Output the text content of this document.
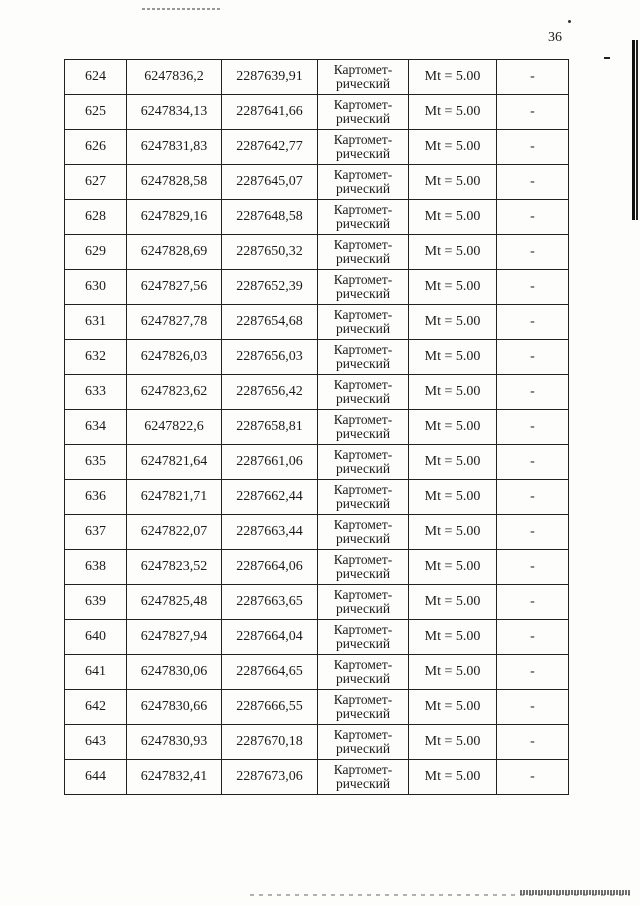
36
624	6247836,2	2287639,91	Картомет-
рический	Mt = 5.00	-
625	6247834,13	2287641,66	Картомет-
рический	Mt = 5.00	-
626	6247831,83	2287642,77	Картомет-
рический	Mt = 5.00	-
627	6247828,58	2287645,07	Картомет-
рический	Mt = 5.00	-
628	6247829,16	2287648,58	Картомет-
рический	Mt = 5.00	-
629	6247828,69	2287650,32	Картомет-
рический	Mt = 5.00	-
630	6247827,56	2287652,39	Картомет-
рический	Mt = 5.00	-
631	6247827,78	2287654,68	Картомет-
рический	Mt = 5.00	-
632	6247826,03	2287656,03	Картомет-
рический	Mt = 5.00	-
633	6247823,62	2287656,42	Картомет-
рический	Mt = 5.00	-
634	6247822,6	2287658,81	Картомет-
рический	Mt = 5.00	-
635	6247821,64	2287661,06	Картомет-
рический	Mt = 5.00	-
636	6247821,71	2287662,44	Картомет-
рический	Mt = 5.00	-
637	6247822,07	2287663,44	Картомет-
рический	Mt = 5.00	-
638	6247823,52	2287664,06	Картомет-
рический	Mt = 5.00	-
639	6247825,48	2287663,65	Картомет-
рический	Mt = 5.00	-
640	6247827,94	2287664,04	Картомет-
рический	Mt = 5.00	-
641	6247830,06	2287664,65	Картомет-
рический	Mt = 5.00	-
642	6247830,66	2287666,55	Картомет-
рический	Mt = 5.00	-
643	6247830,93	2287670,18	Картомет-
рический	Mt = 5.00	-
644	6247832,41	2287673,06	Картомет-
рический	Mt = 5.00	-
